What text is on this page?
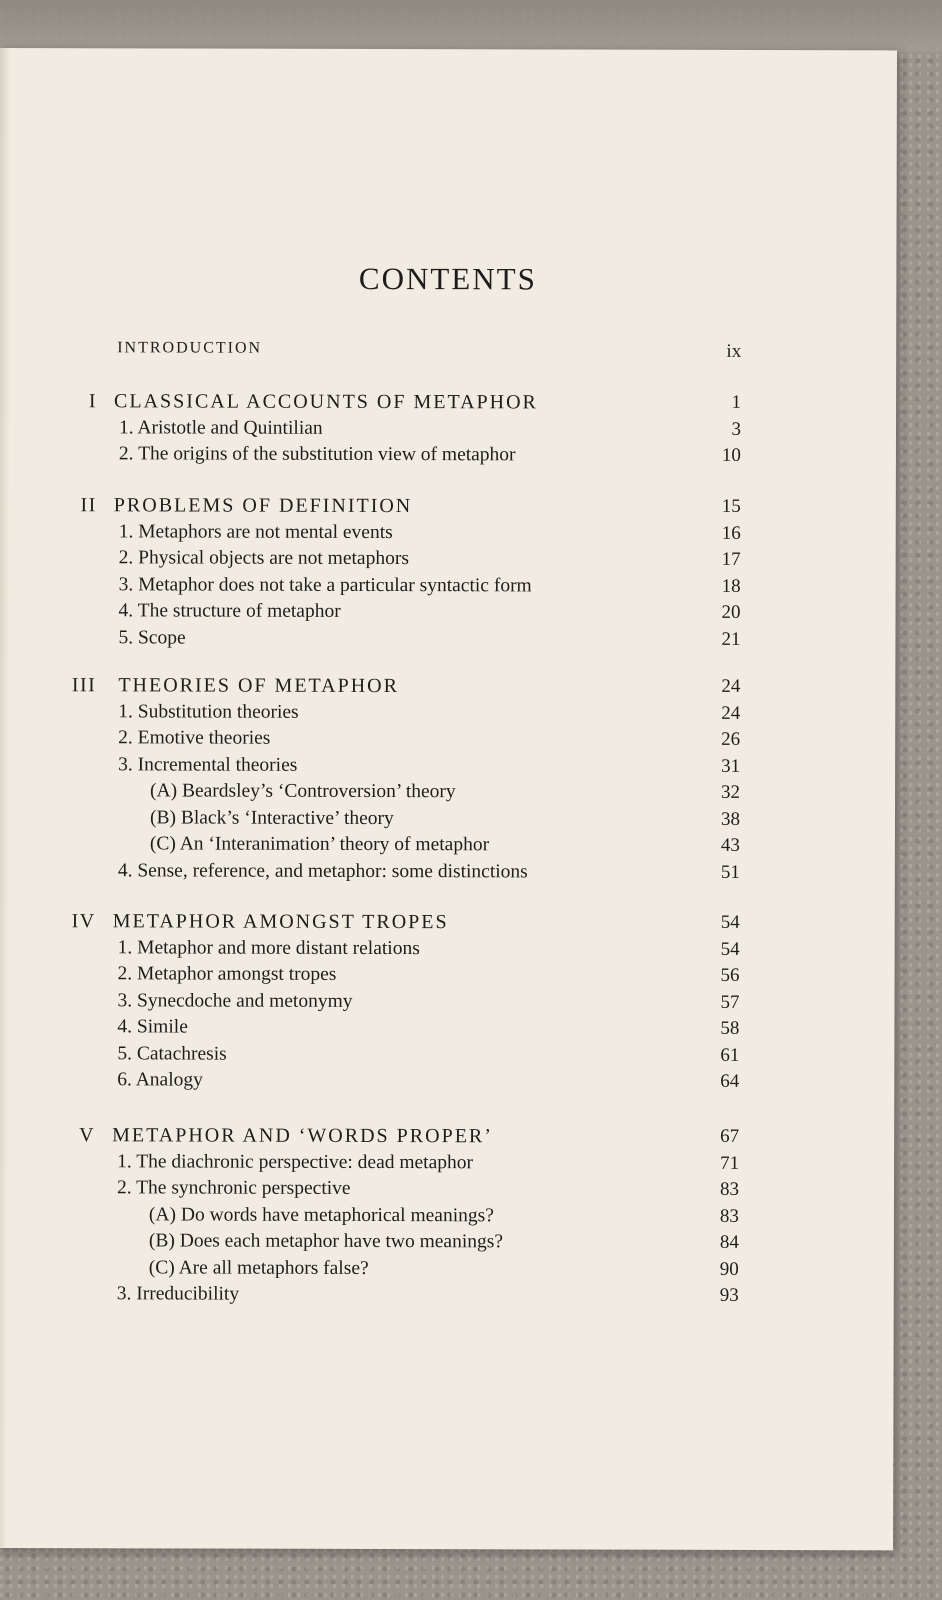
CONTENTS
INTRODUCTION	ix
I CLASSICAL ACCOUNTS OF METAPHOR	1
1. Aristotle and Quintilian	3
2. The origins of the substitution view of metaphor	10
II PROBLEMS OF DEFINITION	15
1. Metaphors are not mental events	16
2. Physical objects are not metaphors	17
3. Metaphor does not take a particular syntactic form	18
4. The structure of metaphor	20
5. Scope	21
III THEORIES OF METAPHOR	24
1. Substitution theories	24
2. Emotive theories	26
3. Incremental theories	31
(A) Beardsley’s ‘Controversion’ theory	32
(B) Black’s ‘Interactive’ theory	38
(C) An ‘Interanimation’ theory of metaphor	43
4. Sense, reference, and metaphor: some distinctions	51
IV METAPHOR AMONGST TROPES	54
1. Metaphor and more distant relations	54
2. Metaphor amongst tropes	56
3. Synecdoche and metonymy	57
4. Simile	58
5. Catachresis	61
6. Analogy	64
V METAPHOR AND ‘WORDS PROPER’	67
1. The diachronic perspective: dead metaphor	71
2. The synchronic perspective	83
(A) Do words have metaphorical meanings?	83
(B) Does each metaphor have two meanings?	84
(C) Are all metaphors false?	90
3. Irreducibility	93
